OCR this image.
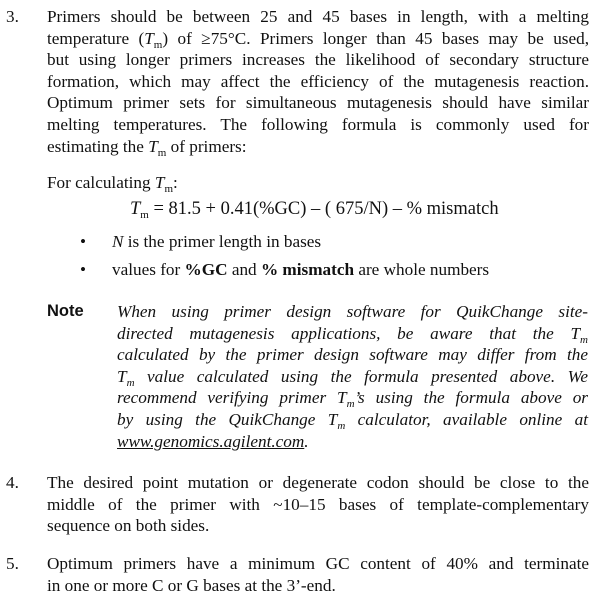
3. Primers should be between 25 and 45 bases in length, with a melting
temperature $(T_m)$ of ≥75°C. Primers longer than 45 bases may be used,
but using longer primers increases the likelihood of secondary structure
formation, which may affect the efficiency of the mutagenesis reaction.
Optimum primer sets for simultaneous mutagenesis should have similar
melting temperatures. The following formula is commonly used for
estimating the $T_m$ of primers:
For calculating $T_m$:
$T_m = 81.5 + 0.41(\%GC)$ – ( 675/N) – % mismatch
• N is the primer length in bases
• values for %GC and % mismatch are whole numbers
Note When using primer design software for QuikChange site-
directed mutagenesis applications, be aware that the $T_m$
calculated by the primer design software may differ from the
$T_m$ value calculated using the formula presented above. We
recommend verifying primer $T_m’s$ using the formula above or
by using the QuikChange $T_m$ calculator, available online at
www.genomics.agilent.com.
4. The desired point mutation or degenerate codon should be close to the
middle of the primer with ~10–15 bases of template-complementary
sequence on both sides.
5. Optimum primers have a minimum GC content of 40% and terminate
in one or more C or G bases at the 3’-end.
